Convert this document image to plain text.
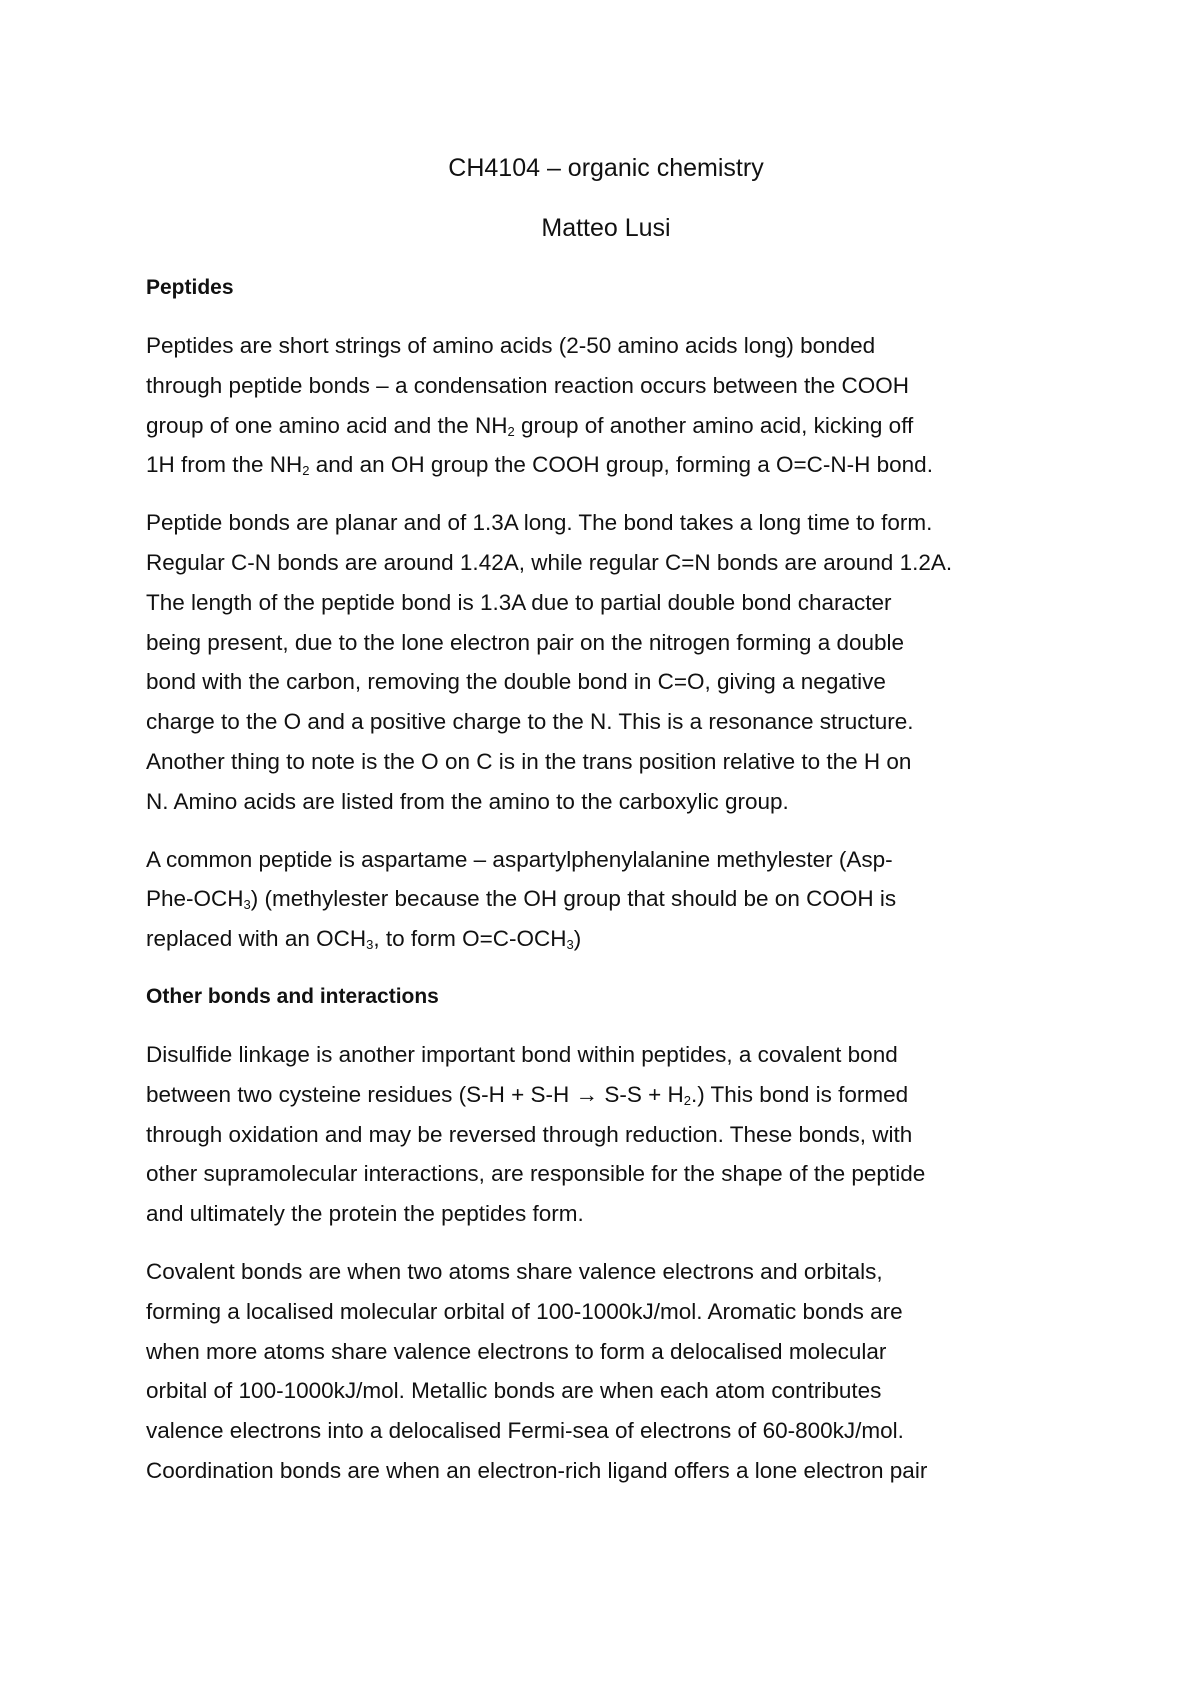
CH4104 – organic chemistry
Matteo Lusi
Peptides

Peptides are short strings of amino acids (2-50 amino acids long) bonded
through peptide bonds – a condensation reaction occurs between the COOH
group of one amino acid and the $NH_2$ group of another amino acid, kicking off
1H from the $NH_2$ and an OH group the COOH group, forming a O=C-N-H bond.

Peptide bonds are planar and of 1.3A long. The bond takes a long time to form.
Regular C-N bonds are around 1.42A, while regular C=N bonds are around 1.2A.
The length of the peptide bond is 1.3A due to partial double bond character
being present, due to the lone electron pair on the nitrogen forming a double
bond with the carbon, removing the double bond in C=O, giving a negative
charge to the O and a positive charge to the N. This is a resonance structure.
Another thing to note is the O on C is in the trans position relative to the H on
N. Amino acids are listed from the amino to the carboxylic group.

A common peptide is aspartame – aspartylphenylalanine methylester (Asp-
Phe-$OCH_3$) (methylester because the OH group that should be on COOH is
replaced with an $OCH_3$, to form $O=C-OCH_3$)

Other bonds and interactions

Disulfide linkage is another important bond within peptides, a covalent bond
between two cysteine residues $(S-H + S-H \to S-S + H_2.)$ This bond is formed
through oxidation and may be reversed through reduction. These bonds, with
other supramolecular interactions, are responsible for the shape of the peptide
and ultimately the protein the peptides form.

Covalent bonds are when two atoms share valence electrons and orbitals,
forming a localised molecular orbital of 100-1000kJ/mol. Aromatic bonds are
when more atoms share valence electrons to form a delocalised molecular
orbital of 100-1000kJ/mol. Metallic bonds are when each atom contributes
valence electrons into a delocalised Fermi-sea of electrons of 60-800kJ/mol.
Coordination bonds are when an electron-rich ligand offers a lone electron pair
